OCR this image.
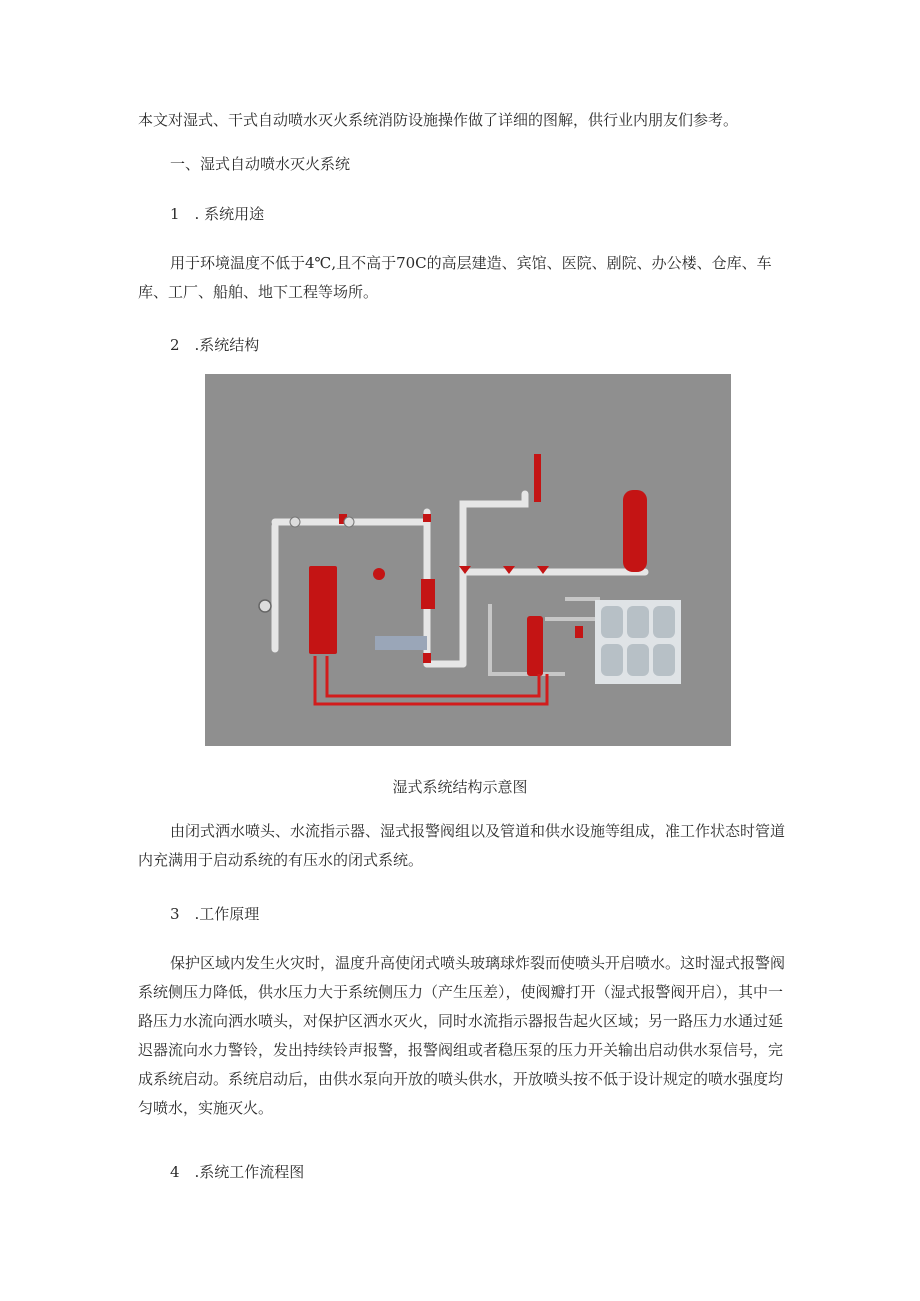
本文对湿式、干式自动喷水灭火系统消防设施操作做了详细的图解，供行业内朋友们参考。

一、湿式自动喷水灭火系统

1　. 系统用途

用于环境温度不低于4℃,且不高于70C的高层建造、宾馆、医院、剧院、办公楼、仓库、车库、工厂、船舶、地下工程等场所。

2　.系统结构

湿式系统结构示意图

由闭式洒水喷头、水流指示器、湿式报警阀组以及管道和供水设施等组成，准工作状态时管道内充满用于启动系统的有压水的闭式系统。

3　.工作原理

保护区域内发生火灾时，温度升高使闭式喷头玻璃球炸裂而使喷头开启喷水。这时湿式报警阀系统侧压力降低，供水压力大于系统侧压力（产生压差），使阀瓣打开（湿式报警阀开启），其中一路压力水流向洒水喷头，对保护区洒水灭火，同时水流指示器报告起火区域；另一路压力水通过延迟器流向水力警铃，发出持续铃声报警，报警阀组或者稳压泵的压力开关输出启动供水泵信号，完成系统启动。系统启动后，由供水泵向开放的喷头供水，开放喷头按不低于设计规定的喷水强度均匀喷水，实施灭火。

4　.系统工作流程图
